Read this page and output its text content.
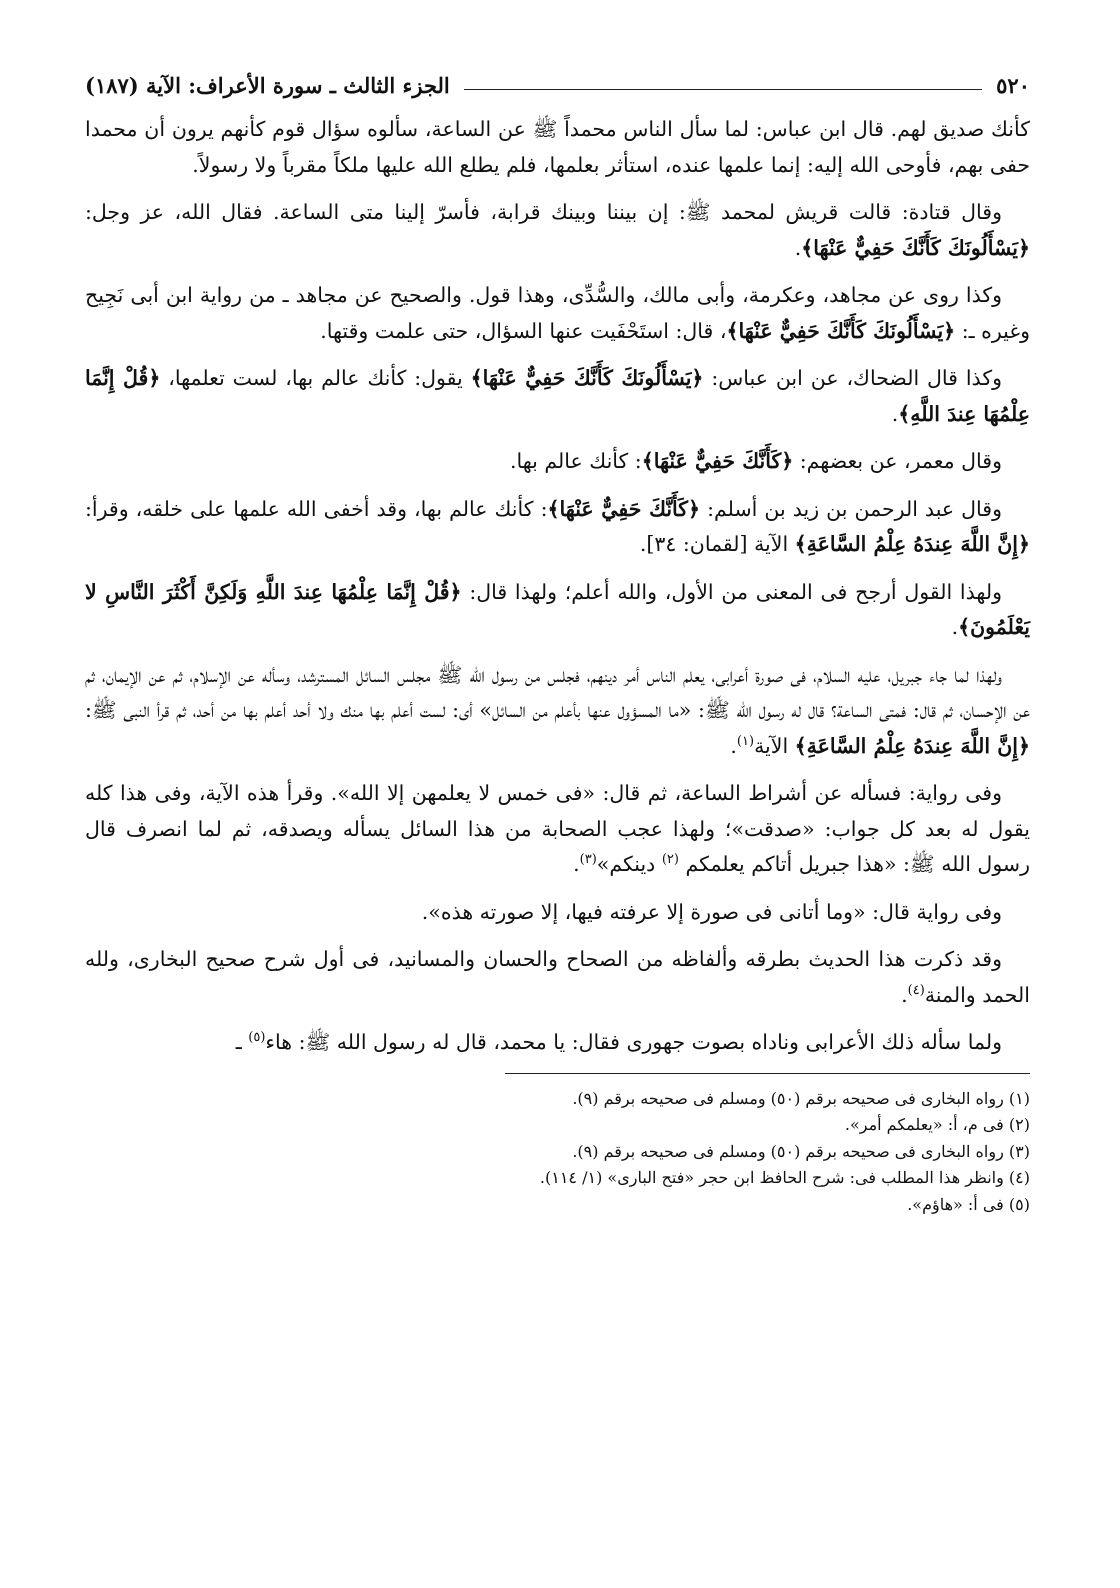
٥٢٠
الجزء الثالث ـ سورة الأعراف: الآية (١٨٧)

كأنك صديق لهم. قال ابن عباس: لما سأل الناس محمداً ﷺ عن الساعة، سألوه سؤال قوم كأنهم يرون أن محمدا حفى بهم، فأوحى الله إليه: إنما علمها عنده، استأثر بعلمها، فلم يطلع الله عليها ملكاً مقرباً ولا رسولاً.

وقال قتادة: قالت قريش لمحمد ﷺ: إن بيننا وبينك قرابة، فأسرّ إلينا متى الساعة. فقال الله، عز وجل: ﴿يَسْأَلُونَكَ كَأَنَّكَ حَفِيٌّ عَنْهَا﴾.

وكذا روى عن مجاهد، وعكرمة، وأبى مالك، والسُّدِّى، وهذا قول. والصحيح عن مجاهد ـ من رواية ابن أبى نَجِيح وغيره ـ: ﴿يَسْأَلُونَكَ كَأَنَّكَ حَفِيٌّ عَنْهَا﴾، قال: استَحْفَيت عنها السؤال، حتى علمت وقتها.

وكذا قال الضحاك، عن ابن عباس: ﴿يَسْأَلُونَكَ كَأَنَّكَ حَفِيٌّ عَنْهَا﴾ يقول: كأنك عالم بها، لست تعلمها، ﴿قُلْ إِنَّمَا عِلْمُهَا عِندَ اللَّهِ﴾.

وقال معمر، عن بعضهم: ﴿كَأَنَّكَ حَفِيٌّ عَنْهَا﴾: كأنك عالم بها.

وقال عبد الرحمن بن زيد بن أسلم: ﴿كَأَنَّكَ حَفِيٌّ عَنْهَا﴾: كأنك عالم بها، وقد أخفى الله علمها على خلقه، وقرأ: ﴿إِنَّ اللَّهَ عِندَهُ عِلْمُ السَّاعَةِ﴾ الآية [لقمان: ٣٤].

ولهذا القول أرجح فى المعنى من الأول، والله أعلم؛ ولهذا قال: ﴿قُلْ إِنَّمَا عِلْمُهَا عِندَ اللَّهِ وَلَكِنَّ أَكْثَرَ النَّاسِ لا يَعْلَمُونَ﴾.

ولهذا لما جاء جبريل، عليه السلام، فى صورة أعرابى، يعلم الناس أمر دينهم، فجلس من رسول الله ﷺ مجلس السائل المسترشد، وسأله عن الإسلام، ثم عن الإيمان، ثم عن الإحسان، ثم قال: فمتى الساعة؟ قال له رسول الله ﷺ: «ما المسؤول عنها بأعلم من السائل» أى: لست أعلم بها منك ولا أحد أعلم بها من أحد، ثم قرأ النبى ﷺ: ﴿إِنَّ اللَّهَ عِندَهُ عِلْمُ السَّاعَةِ﴾ الآية$^{(١)}$.

وفى رواية: فسأله عن أشراط الساعة، ثم قال: «فى خمس لا يعلمهن إلا الله». وقرأ هذه الآية، وفى هذا كله يقول له بعد كل جواب: «صدقت»؛ ولهذا عجب الصحابة من هذا السائل يسأله ويصدقه، ثم لما انصرف قال رسول الله ﷺ: «هذا جبريل أتاكم يعلمكم $^{(٢)}$ دينكم»$^{(٣)}$.

وفى رواية قال: «وما أتانى فى صورة إلا عرفته فيها، إلا صورته هذه».

وقد ذكرت هذا الحديث بطرقه وألفاظه من الصحاح والحسان والمسانيد، فى أول شرح صحيح البخارى، ولله الحمد والمنة$^{(٤)}$.

ولما سأله ذلك الأعرابى وناداه بصوت جهورى فقال: يا محمد، قال له رسول الله ﷺ: هاء$^{(٥)}$ ـ

(١) رواه البخارى فى صحيحه برقم (٥٠) ومسلم فى صحيحه برقم (٩).
(٢) فى م، أ: «يعلمكم أمر».
(٣) رواه البخارى فى صحيحه برقم (٥٠) ومسلم فى صحيحه برقم (٩).
(٤) وانظر هذا المطلب فى: شرح الحافظ ابن حجر «فتح البارى» (١/ ١١٤).
(٥) فى أ: «هاؤم».
